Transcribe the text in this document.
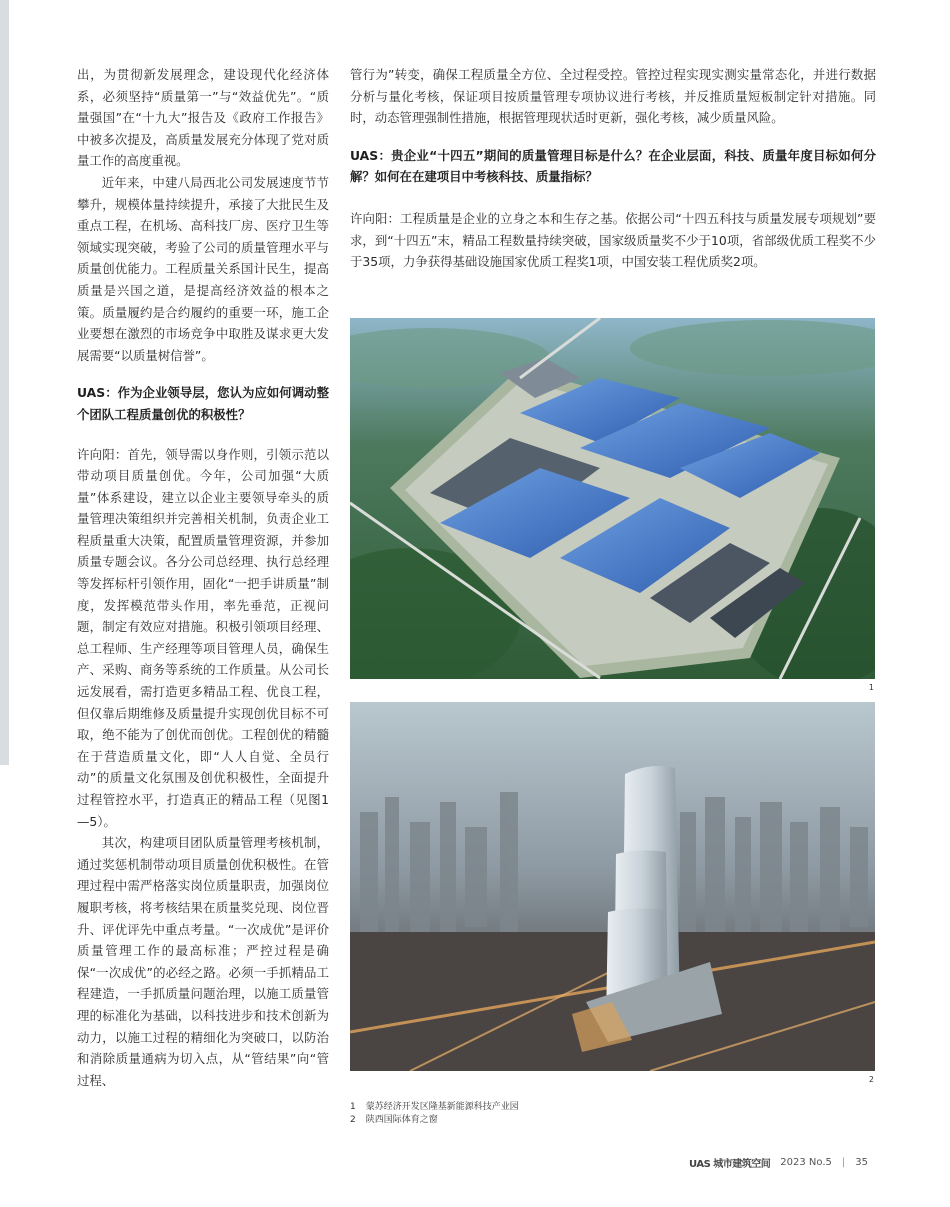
出，为贯彻新发展理念，建设现代化经济体系，必须坚持“质量第一”与“效益优先”。“质量强国”在“十九大”报告及《政府工作报告》中被多次提及，高质量发展充分体现了党对质量工作的高度重视。

近年来，中建八局西北公司发展速度节节攀升，规模体量持续提升，承接了大批民生及重点工程，在机场、高科技厂房、医疗卫生等领域实现突破，考验了公司的质量管理水平与质量创优能力。工程质量关系国计民生，提高质量是兴国之道，是提高经济效益的根本之策。质量履约是合约履约的重要一环，施工企业要想在激烈的市场竞争中取胜及谋求更大发展需要“以质量树信誉”。

UAS：作为企业领导层，您认为应如何调动整个团队工程质量创优的积极性？

许向阳：首先，领导需以身作则，引领示范以带动项目质量创优。今年，公司加强“大质量”体系建设，建立以企业主要领导牵头的质量管理决策组织并完善相关机制，负责企业工程质量重大决策，配置质量管理资源，并参加质量专题会议。各分公司总经理、执行总经理等发挥标杆引领作用，固化“一把手讲质量”制度，发挥模范带头作用，率先垂范，正视问题，制定有效应对措施。积极引领项目经理、总工程师、生产经理等项目管理人员，确保生产、采购、商务等系统的工作质量。从公司长远发展看，需打造更多精品工程、优良工程，但仅靠后期维修及质量提升实现创优目标不可取，绝不能为了创优而创优。工程创优的精髓在于营造质量文化，即“人人自觉、全员行动”的质量文化氛围及创优积极性，全面提升过程管控水平，打造真正的精品工程（见图1—5）。

其次，构建项目团队质量管理考核机制，通过奖惩机制带动项目质量创优积极性。在管理过程中需严格落实岗位质量职责，加强岗位履职考核，将考核结果在质量奖兑现、岗位晋升、评优评先中重点考量。“一次成优”是评价质量管理工作的最高标准；严控过程是确保“一次成优”的必经之路。必须一手抓精品工程建造，一手抓质量问题治理，以施工质量管理的标准化为基础，以科技进步和技术创新为动力，以施工过程的精细化为突破口，以防治和消除质量通病为切入点，从“管结果”向“管过程、

管行为”转变，确保工程质量全方位、全过程受控。管控过程实现实测实量常态化，并进行数据分析与量化考核，保证项目按质量管理专项协议进行考核，并反推质量短板制定针对措施。同时，动态管理强制性措施，根据管理现状适时更新，强化考核，减少质量风险。

UAS：贵企业“十四五”期间的质量管理目标是什么？在企业层面，科技、质量年度目标如何分解？如何在在建项目中考核科技、质量指标？

许向阳：工程质量是企业的立身之本和生存之基。依据公司“十四五科技与质量发展专项规划”要求，到“十四五”末，精品工程数量持续突破，国家级质量奖不少于10项，省部级优质工程奖不少于35项，力争获得基础设施国家优质工程奖1项，中国安装工程优质奖2项。

1
2
1 蒙苏经济开发区隆基新能源科技产业园
2 陕西国际体育之窗
UAS 城市建筑空间 2023 No.5 | 35
